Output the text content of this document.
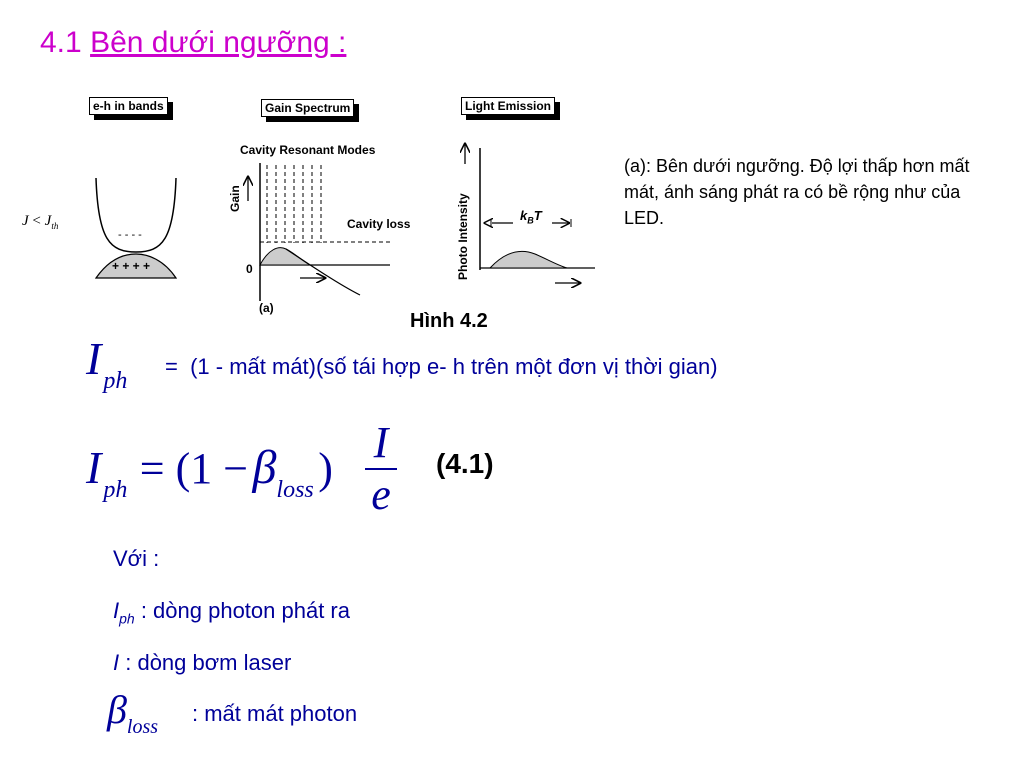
4.1 Bên dưới ngưỡng :
e-h in bands
$J < J_{th}$
- - - -
+ + + +
Gain Spectrum
Cavity Resonant Modes
Cavity loss
0
(a)
Gain
Light Emission
Photo Intensity	$k_BT$
Hình 4.2
(a): Bên dưới ngưỡng. Độ lợi thấp hơn mất mát, ánh sáng phát ra có bề rộng như của LED.
Iph
= (1 - mất mát)(số tái hợp e- h trên một đơn vị thời gian)
Iph = (1 − βloss )
I
e
(4.1)
Với :
$I_{ph}$ : dòng photon phát ra
I : dòng bơm laser
βloss
: mất mát photon
